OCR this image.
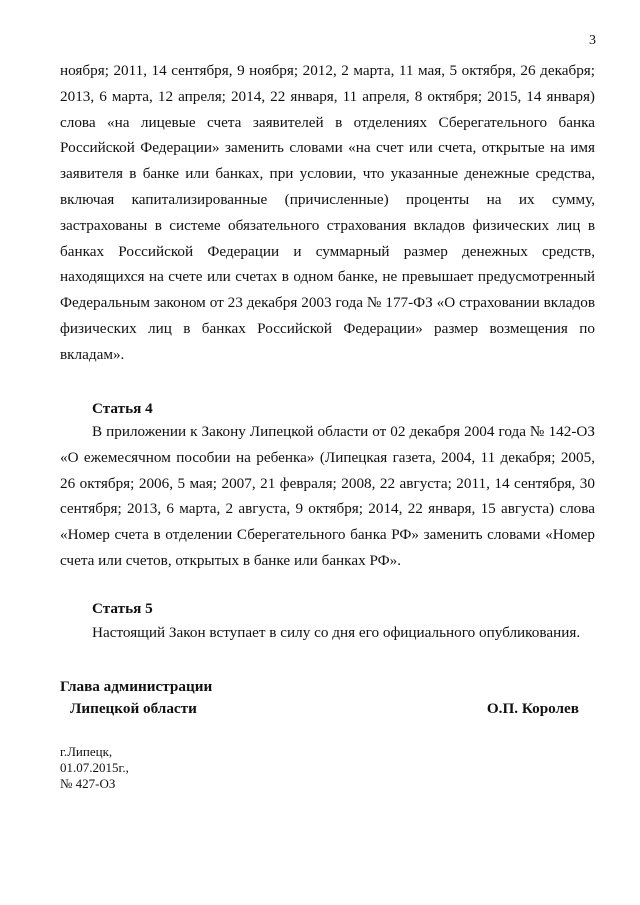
3

ноября; 2011, 14 сентября, 9 ноября; 2012, 2 марта, 11 мая, 5 октября, 26 декабря; 2013, 6 марта, 12 апреля; 2014, 22 января, 11 апреля, 8 октября; 2015, 14 января) слова «на лицевые счета заявителей в отделениях Сберегательного банка Российской Федерации» заменить словами «на счет или счета, открытые на имя заявителя в банке или банках, при условии, что указанные денежные средства, включая капитализированные (причисленные) проценты на их сумму, застрахованы в системе обязательного страхования вкладов физических лиц в банках Российской Федерации и суммарный размер денежных средств, находящихся на счете или счетах в одном банке, не превышает предусмотренный Федеральным законом от 23 декабря 2003 года № 177-ФЗ «О страховании вкладов физических лиц в банках Российской Федерации» размер возмещения по вкладам».

Статья 4

В приложении к Закону Липецкой области от 02 декабря 2004 года № 142-ОЗ «О ежемесячном пособии на ребенка» (Липецкая газета, 2004, 11 декабря; 2005, 26 октября; 2006, 5 мая; 2007, 21 февраля; 2008, 22 августа; 2011, 14 сентября, 30 сентября; 2013, 6 марта, 2 августа, 9 октября; 2014, 22 января, 15 августа) слова «Номер счета в отделении Сберегательного банка РФ» заменить словами «Номер счета или счетов, открытых в банке или банках РФ».

Статья 5

Настоящий Закон вступает в силу со дня его официального опубликования.

Глава администрации
Липецкой области	О.П. Королев
г.Липецк,
01.07.2015г.,
№ 427-ОЗ
